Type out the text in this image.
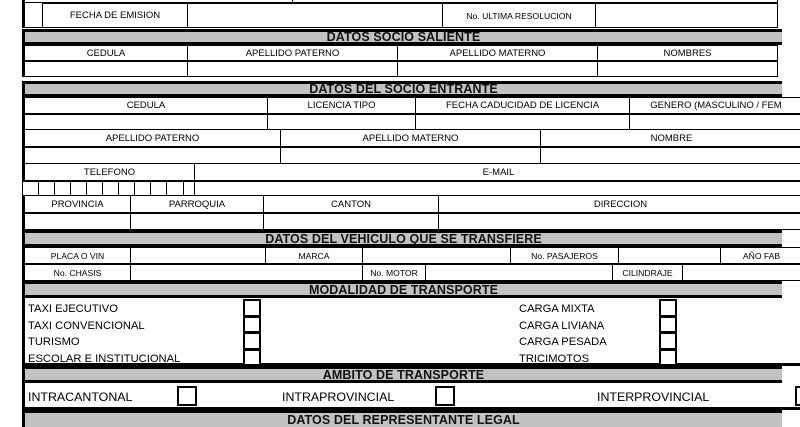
FECHA DE EMISION	No. ULTIMA RESOLUCION
DATOS SOCIO SALIENTE
CEDULA	APELLIDO PATERNO	APELLIDO MATERNO	NOMBRES
DATOS DEL SOCIO ENTRANTE
CEDULA	LICENCIA TIPO	FECHA CADUCIDAD DE LICENCIA	GENERO (MASCULINO / FEM
APELLIDO PATERNO	APELLIDO MATERNO	NOMBRE
TELEFONO	E-MAIL
PROVINCIA	PARROQUIA	CANTON	DIRECCION
DATOS DEL VEHICULO QUE SE TRANSFIERE
PLACA O VIN	MARCA	No. PASAJEROS	AÑO FAB
No. CHASIS	No. MOTOR	CILINDRAJE
MODALIDAD DE TRANSPORTE
TAXI EJECUTIVO
TAXI CONVENCIONAL
TURISMO
ESCOLAR E INSTITUCIONAL
CARGA MIXTA
CARGA LIVIANA
CARGA PESADA
TRICIMOTOS
ÁMBITO DE TRANSPORTE
INTRACANTONAL	INTRAPROVINCIAL	INTERPROVINCIAL
DATOS DEL REPRESENTANTE LEGAL
